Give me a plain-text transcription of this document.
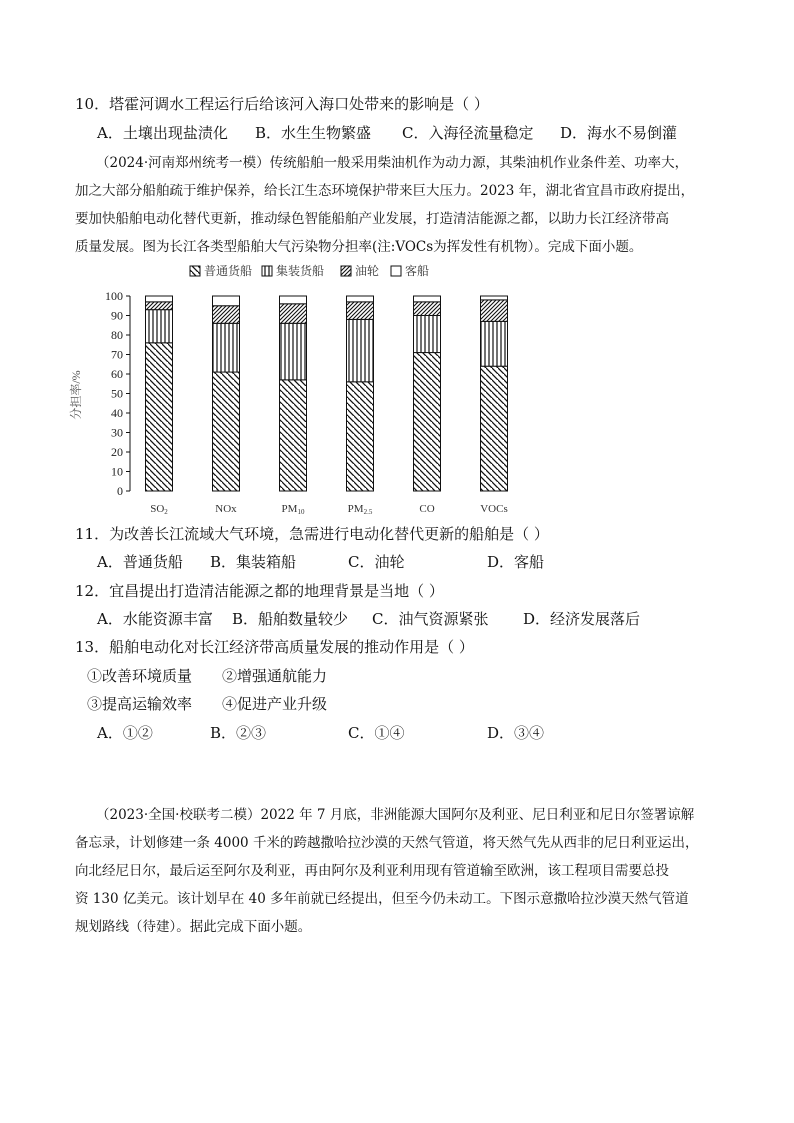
10．塔霍河调水工程运行后给该河入海口处带来的影响是（ ）
A．土壤出现盐渍化 B．水生生物繁盛 C．入海径流量稳定 D．海水不易倒灌
（2024·河南郑州统考一模）传统船舶一般采用柴油机作为动力源，其柴油机作业条件差、功率大，
加之大部分船舶疏于维护保养，给长江生态环境保护带来巨大压力。2023 年，湖北省宜昌市政府提出，
要加快船舶电动化替代更新，推动绿色智能船舶产业发展，打造清洁能源之都，以助力长江经济带高
质量发展。图为长江各类型船舶大气污染物分担率(注:VOCs为挥发性有机物）。完成下面小题。
普通货船 集装货船	油轮 客船
分担率/%
0
10
20
30
40
50
60
70
80
90
100
SO2	NOx	PM10	PM2.5	CO	VOCs
11．为改善长江流域大气环境，急需进行电动化替代更新的船舶是（ ）
A．普通货船 B．集装箱船	C．油轮	D．客船
12．宜昌提出打造清洁能源之都的地理背景是当地（ ）
A．水能资源丰富 B．船舶数量较少 C．油气资源紧张 D．经济发展落后
13．船舶电动化对长江经济带高质量发展的推动作用是（ ）
①改善环境质量 ②增强通航能力
③提高运输效率 ④促进产业升级
A．①②	B．②③	C．①④	D．③④
（2023·全国·校联考二模）2022 年 7 月底，非洲能源大国阿尔及利亚、尼日利亚和尼日尔签署谅解
备忘录，计划修建一条 4000 千米的跨越撒哈拉沙漠的天然气管道，将天然气先从西非的尼日利亚运出，
向北经尼日尔，最后运至阿尔及利亚，再由阿尔及利亚利用现有管道输至欧洲，该工程项目需要总投
资 130 亿美元。该计划早在 40 多年前就已经提出，但至今仍未动工。下图示意撒哈拉沙漠天然气管道
规划路线（待建）。据此完成下面小题。
